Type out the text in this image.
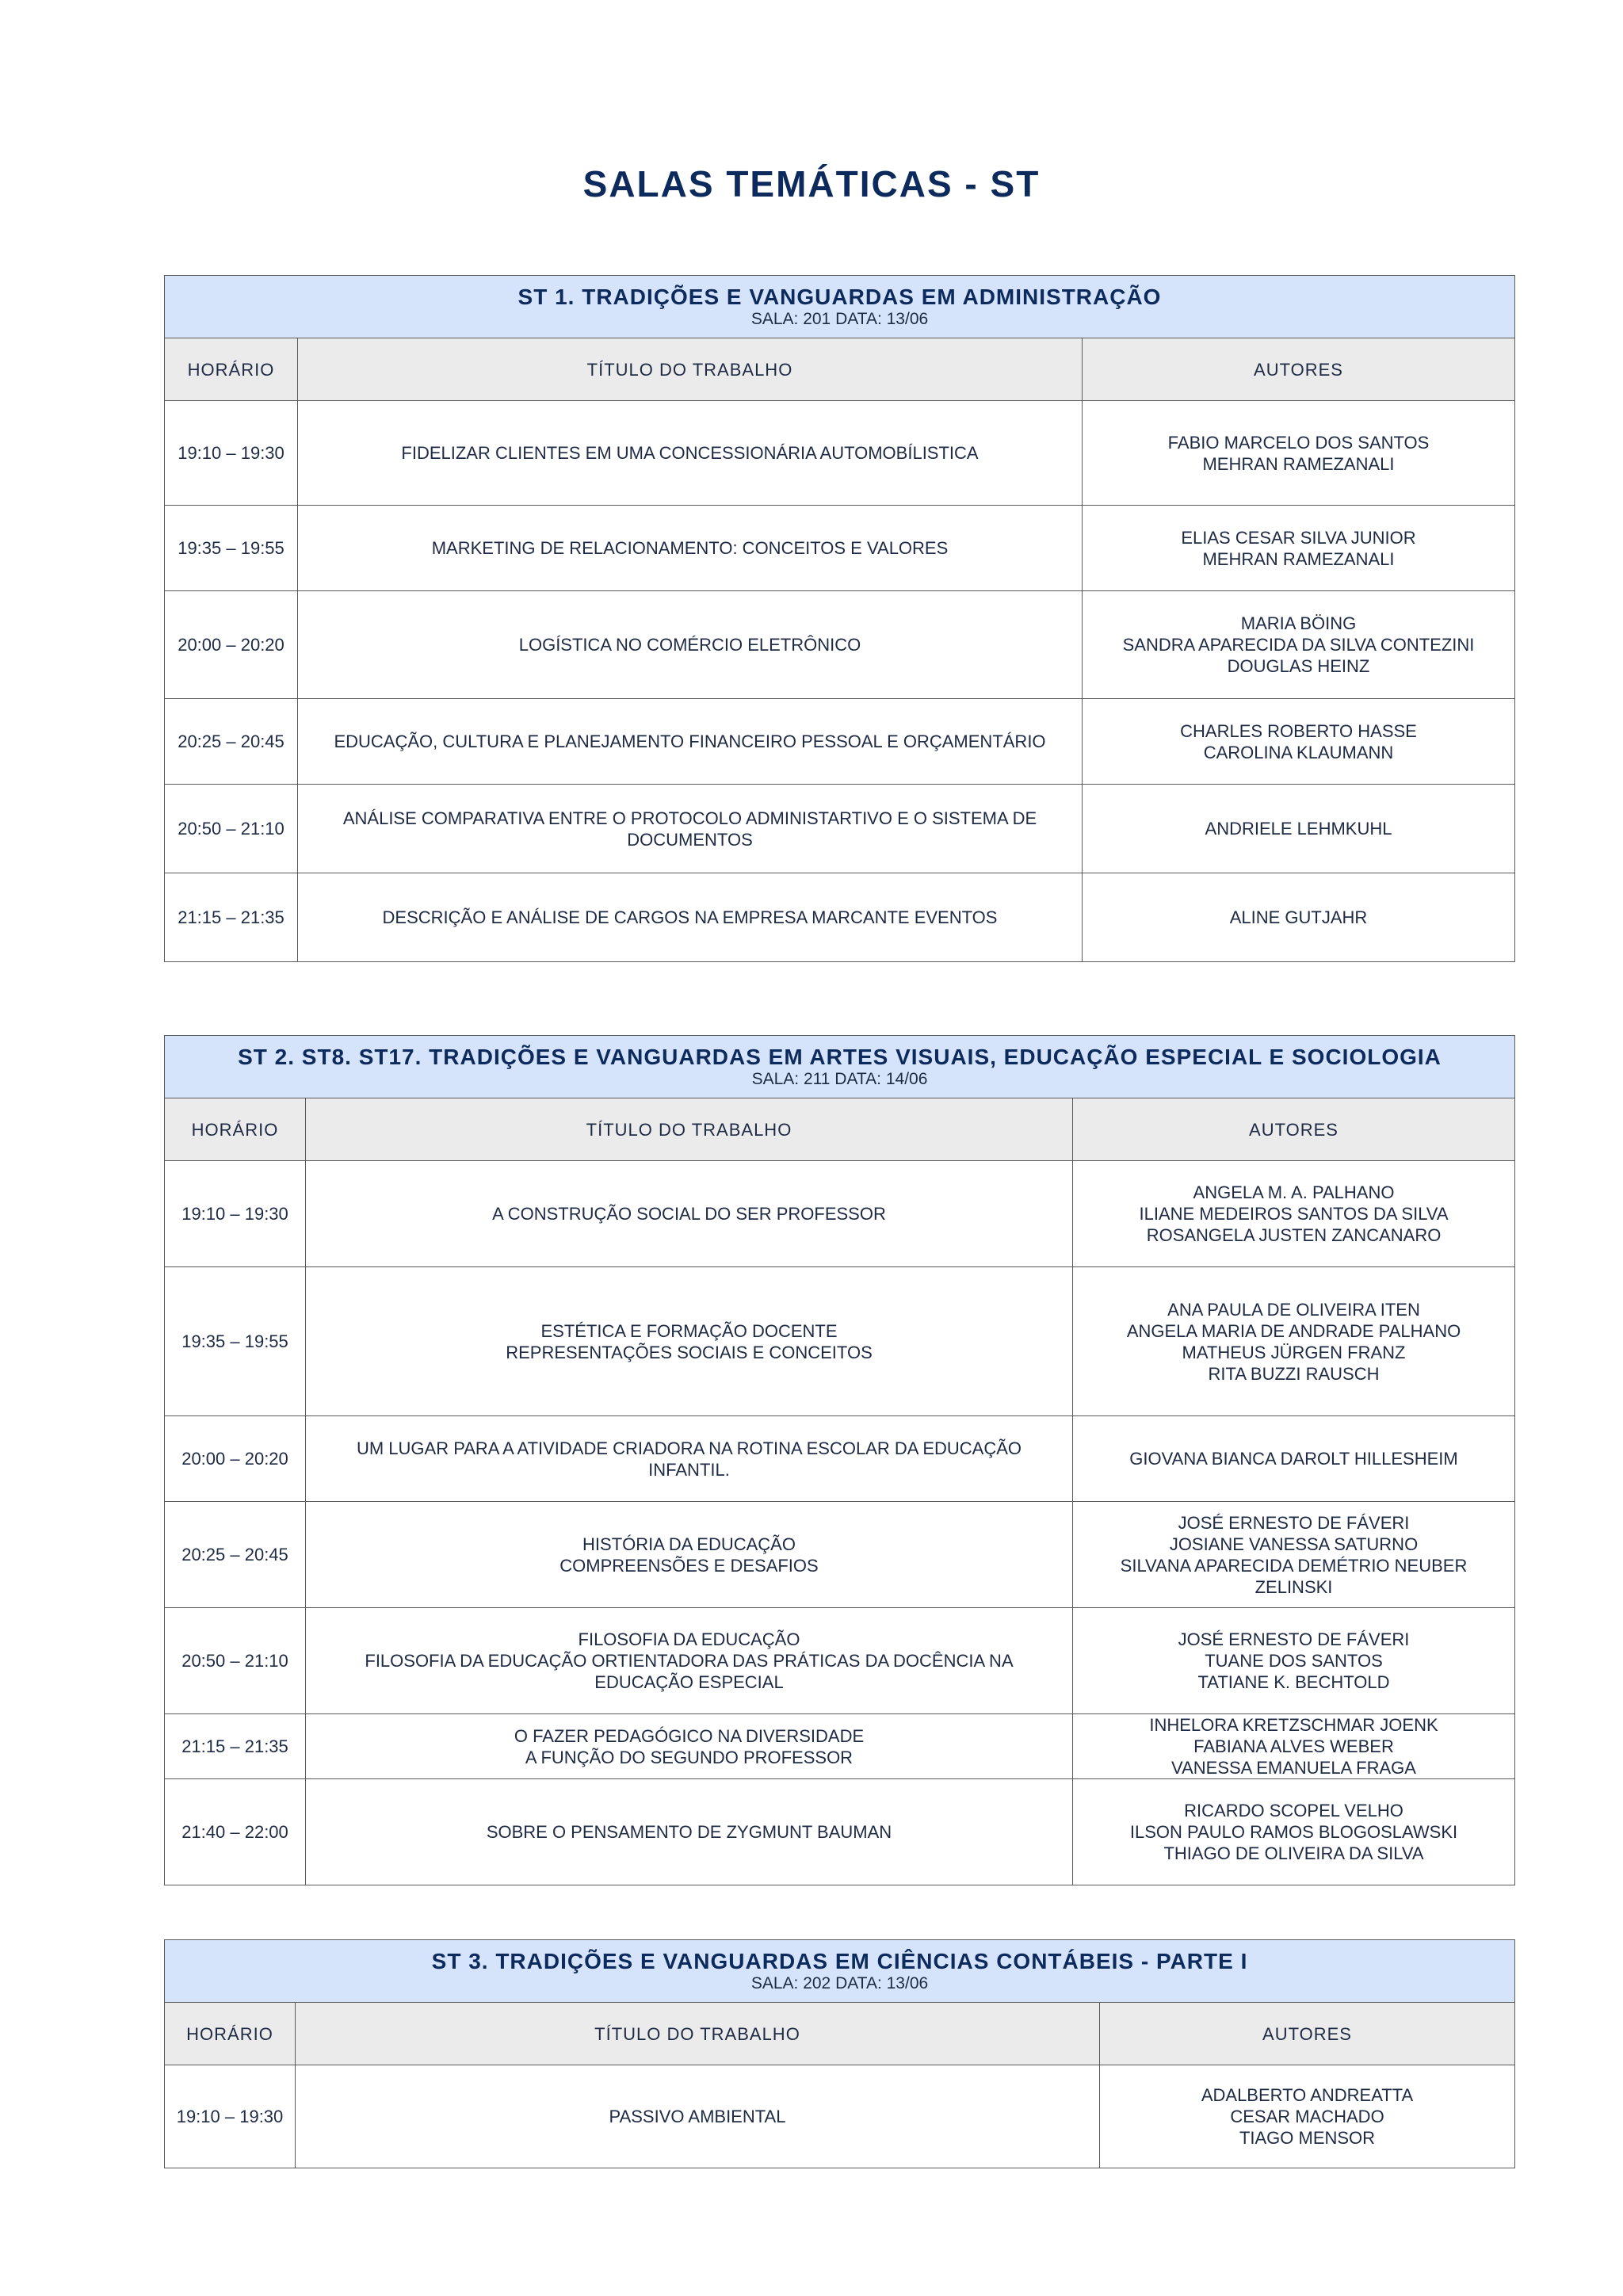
SALAS TEMÁTICAS - ST
ST 1. TRADIÇÕES E VANGUARDAS EM ADMINISTRAÇÃO
SALA: 201 DATA: 13/06		

HORÁRIO	TÍTULO DO TRABALHO	AUTORES
19:10 – 19:30	FIDELIZAR CLIENTES EM UMA CONCESSIONÁRIA AUTOMOBÍLISTICA	FABIO MARCELO DOS SANTOS
MEHRAN RAMEZANALI

19:35 – 19:55	MARKETING DE RELACIONAMENTO: CONCEITOS E VALORES	ELIAS CESAR SILVA JUNIOR
MEHRAN RAMEZANALI

20:00 – 20:20	LOGÍSTICA NO COMÉRCIO ELETRÔNICO	MARIA BÖING
SANDRA APARECIDA DA SILVA CONTEZINI
DOUGLAS HEINZ

20:25 – 20:45	EDUCAÇÃO, CULTURA E PLANEJAMENTO FINANCEIRO PESSOAL E ORÇAMENTÁRIO	CHARLES ROBERTO HASSE
CAROLINA KLAUMANN

20:50 – 21:10	ANÁLISE COMPARATIVA ENTRE O PROTOCOLO ADMINISTARTIVO E O SISTEMA DE
DOCUMENTOS	ANDRIELE LEHMKUHL

21:15 – 21:35	DESCRIÇÃO E ANÁLISE DE CARGOS NA EMPRESA MARCANTE EVENTOS	ALINE GUTJAHR
ST 2. ST8. ST17. TRADIÇÕES E VANGUARDAS EM ARTES VISUAIS, EDUCAÇÃO ESPECIAL E SOCIOLOGIA
SALA: 211 DATA: 14/06		

HORÁRIO	TÍTULO DO TRABALHO	AUTORES
19:10 – 19:30	A CONSTRUÇÃO SOCIAL DO SER PROFESSOR	ANGELA M. A. PALHANO
ILIANE MEDEIROS SANTOS DA SILVA
ROSANGELA JUSTEN ZANCANARO

19:35 – 19:55	ESTÉTICA E FORMAÇÃO DOCENTE
REPRESENTAÇÕES SOCIAIS E CONCEITOS	ANA PAULA DE OLIVEIRA ITEN
ANGELA MARIA DE ANDRADE PALHANO
MATHEUS JÜRGEN FRANZ
RITA BUZZI RAUSCH

20:00 – 20:20	UM LUGAR PARA A ATIVIDADE CRIADORA NA ROTINA ESCOLAR DA EDUCAÇÃO
INFANTIL.	GIOVANA BIANCA DAROLT HILLESHEIM

20:25 – 20:45	HISTÓRIA DA EDUCAÇÃO
COMPREENSÕES E DESAFIOS	JOSÉ ERNESTO DE FÁVERI
JOSIANE VANESSA SATURNO
SILVANA APARECIDA DEMÉTRIO NEUBER ZELINSKI

20:50 – 21:10	FILOSOFIA DA EDUCAÇÃO
FILOSOFIA DA EDUCAÇÃO ORTIENTADORA DAS PRÁTICAS DA DOCÊNCIA NA
EDUCAÇÃO ESPECIAL	JOSÉ ERNESTO DE FÁVERI
TUANE DOS SANTOS
TATIANE K. BECHTOLD

21:15 – 21:35	O FAZER PEDAGÓGICO NA DIVERSIDADE
A FUNÇÃO DO SEGUNDO PROFESSOR	INHELORA KRETZSCHMAR JOENK
FABIANA ALVES WEBER
VANESSA EMANUELA FRAGA

21:40 – 22:00	SOBRE O PENSAMENTO DE ZYGMUNT BAUMAN	RICARDO SCOPEL VELHO
ILSON PAULO RAMOS BLOGOSLAWSKI
THIAGO DE OLIVEIRA DA SILVA
ST 3. TRADIÇÕES E VANGUARDAS EM CIÊNCIAS CONTÁBEIS - PARTE I
SALA: 202 DATA: 13/06		

HORÁRIO	TÍTULO DO TRABALHO	AUTORES
19:10 – 19:30	PASSIVO AMBIENTAL	ADALBERTO ANDREATTA
CESAR MACHADO
TIAGO MENSOR
